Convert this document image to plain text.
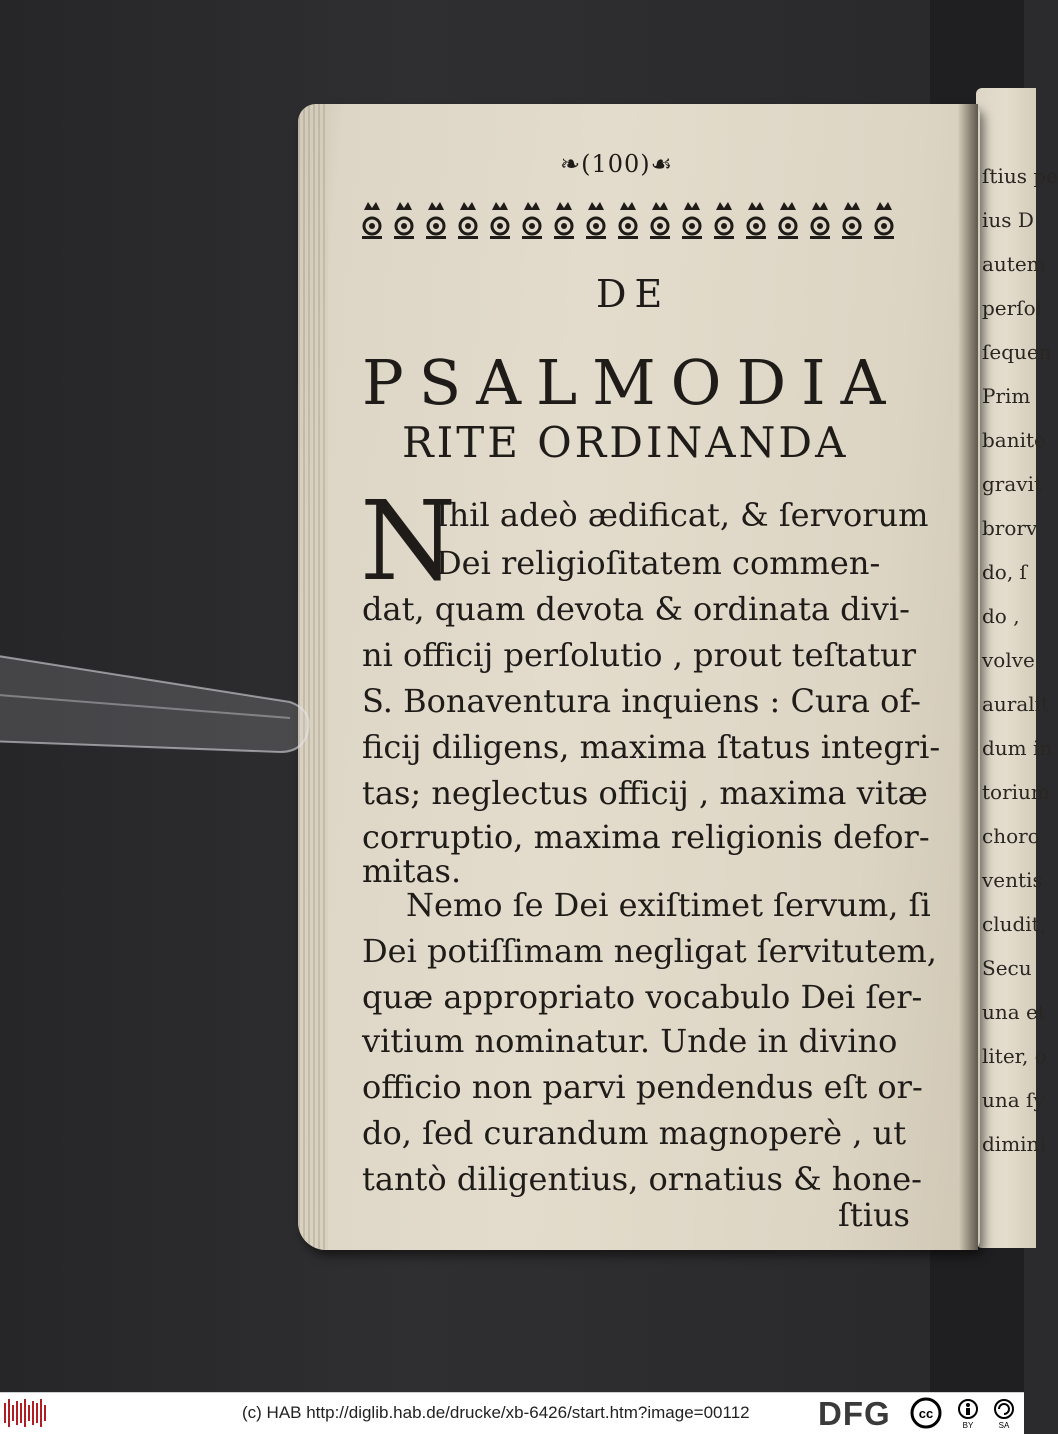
ſtius pe
ius D
autem
perſol
ſequen
Prim
banite
gravit
brorv
do, ſ
do ,
volve
auralit
dum in
torium
choro
ventis
cludit,
Secu
una et
liter, o
una ſy
dimini
❧(100)☙
DE
PSALMODIA
RITE ORDINANDA
N
Ihil adeò ædificat, & ſervorum
Dei religioſitatem commen-
dat, quam devota & ordinata divi-
ni officij perſolutio , prout teſtatur
S. Bonaventura inquiens : Cura of-
ficij diligens, maxima ſtatus integri-
tas; neglectus officij , maxima vitæ
corruptio, maxima religionis defor-
mitas.
Nemo ſe Dei exiſtimet ſervum, ſi
Dei potiſſimam negligat ſervitutem,
quæ appropriato vocabulo Dei ſer-
vitium nominatur. Unde in divino
officio non parvi pendendus eſt or-
do, ſed curandum magnoperè , ut
tantò diligentius, ornatius & hone-
ſtius
(c) HAB http://diglib.hab.de/drucke/xb-6426/start.htm?image=00112 DFG cc
BY	SA
